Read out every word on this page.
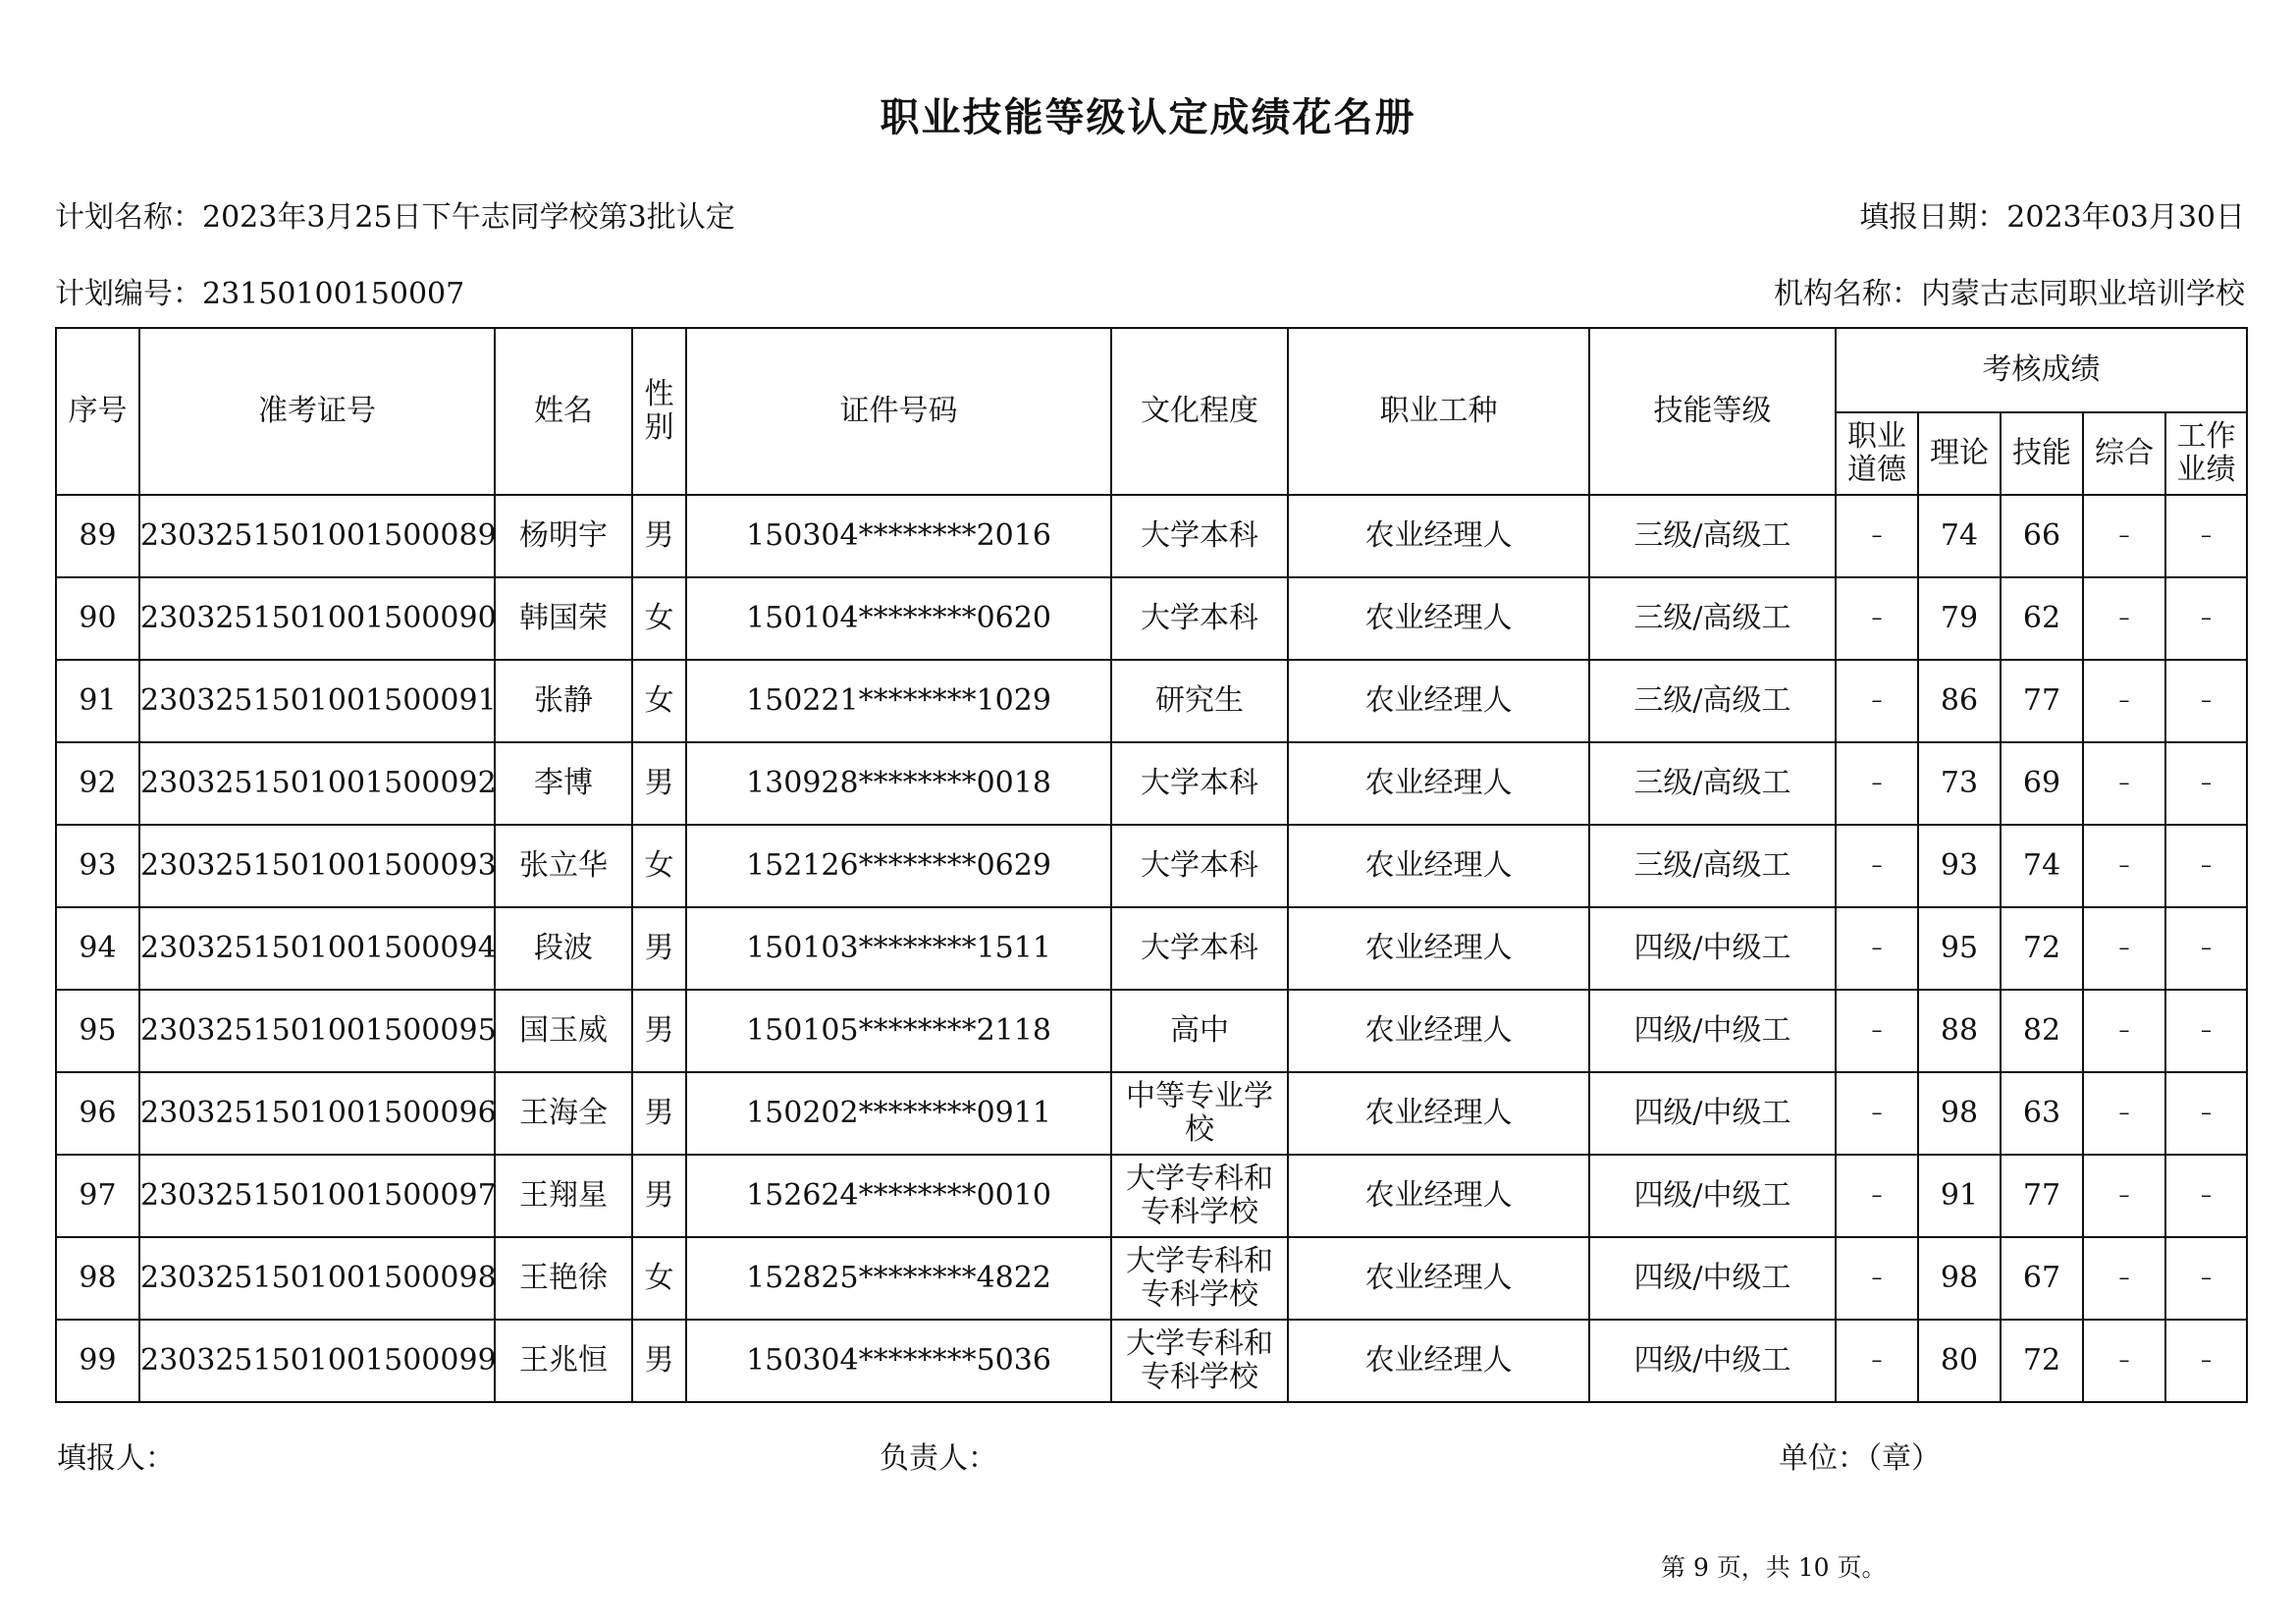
职业技能等级认定成绩花名册
计划名称：2023年3月25日下午志同学校第3批认定	填报日期：2023年03月30日
计划编号：23150100150007	机构名称：内蒙古志同职业培训学校
序号	准考证号	姓名	性别	证件号码	文化程度	职业工种	技能等级	考核成绩				
								职业道德	理论	技能	综合	工作业绩
89	2303251501001500089	杨明宇	男	150304********2016	大学本科	农业经理人	三级/高级工	–	74	66	–	–
90	2303251501001500090	韩国荣	女	150104********0620	大学本科	农业经理人	三级/高级工	–	79	62	–	–
91	2303251501001500091	张静	女	150221********1029	研究生	农业经理人	三级/高级工	–	86	77	–	–
92	2303251501001500092	李博	男	130928********0018	大学本科	农业经理人	三级/高级工	–	73	69	–	–
93	2303251501001500093	张立华	女	152126********0629	大学本科	农业经理人	三级/高级工	–	93	74	–	–
94	2303251501001500094	段波	男	150103********1511	大学本科	农业经理人	四级/中级工	–	95	72	–	–
95	2303251501001500095	国玉威	男	150105********2118	高中	农业经理人	四级/中级工	–	88	82	–	–
96	2303251501001500096	王海全	男	150202********0911	中等专业学校	农业经理人	四级/中级工	–	98	63	–	–
97	2303251501001500097	王翔星	男	152624********0010	大学专科和专科学校	农业经理人	四级/中级工	–	91	77	–	–
98	2303251501001500098	王艳徐	女	152825********4822	大学专科和专科学校	农业经理人	四级/中级工	–	98	67	–	–
99	2303251501001500099	王兆恒	男	150304********5036	大学专科和专科学校	农业经理人	四级/中级工	–	80	72	–	–
填报人：	负责人：	单位：（章）
第 9 页，共 10 页。
